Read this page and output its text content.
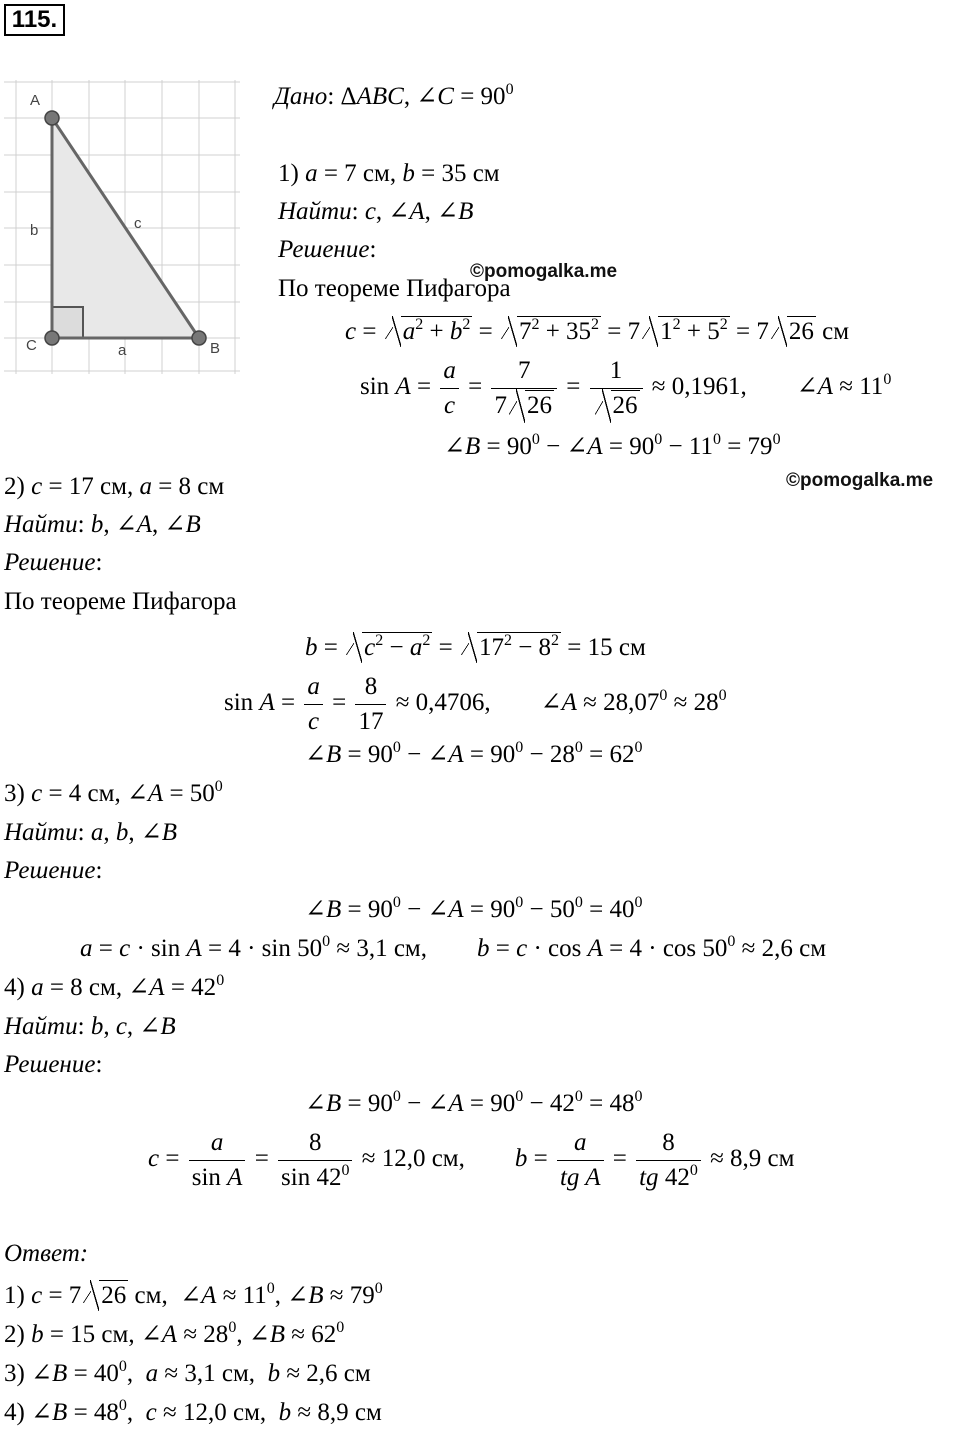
115.
A
B
C	a
b	c
Дано: ΔABC, ∠C = $90^0$
1) a = 7 см, b = 35 см
Найти: c, ∠A, ∠B
Решение:
©pomogalka.me
По теореме Пифагора
$c = a^2 + b^2 = 7^2 + 35^2 = 7$ $1^2 + 5^2 = 7$ 26 см
$\sin A = \frac{a}{c} = \frac{7}{7 26} = \frac{1}{26} \approx 0,1961$, ∠A ≈ $11^0$
∠B = $90^0$ − ∠A = $90^0 - 11^0 = 79^0$
©pomogalka.me
2) c = 17 см, a = 8 см
Найти: b, ∠A, ∠B
Решение:
По теореме Пифагора
$b = c^2 - a^2 = 17^2 - 8^2 = 15$ см
$\sin A = \frac{a}{c} = \frac{8}{17} \approx 0,4706$, ∠A ≈ $28,07^0 \approx 28^0$
∠B = $90^0$ − ∠A = $90^0 - 28^0 = 62^0$
3) c = 4 см, ∠A = $50^0$
Найти: a, b, ∠B
Решение:
∠B = $90^0$ − ∠A = $90^0 - 50^0 = 40^0$
$a = c \cdot \sin A = 4 \cdot \sin 50^0 \approx 3,1$ см, $b = c \cdot \cos A = 4 \cdot \cos 50^0 \approx 2,6$ см
4) a = 8 см, ∠A = $42^0$
Найти: b, c, ∠B
Решение:
∠B = $90^0$ − ∠A = $90^0 - 42^0 = 48^0$
$c = \frac{a}{\text{sin A}} = \frac{8}{\sin 42^0} \approx 12,0$ см, $b = \frac{a}{\text{tg A}} = \frac{8}{tg 42^0} \approx 8,9$ см
Ответ:
1) c = 7 26 см,  ∠A ≈ $11^0$, ∠B ≈ $79^0$
2) b = 15 см, ∠A ≈ $28^0$, ∠B ≈ $62^0$
3) ∠B = $40^0$,  a ≈ 3,1 см,  b ≈ 2,6 см
4) ∠B = $48^0$,  c ≈ 12,0 см,  b ≈ 8,9 см
